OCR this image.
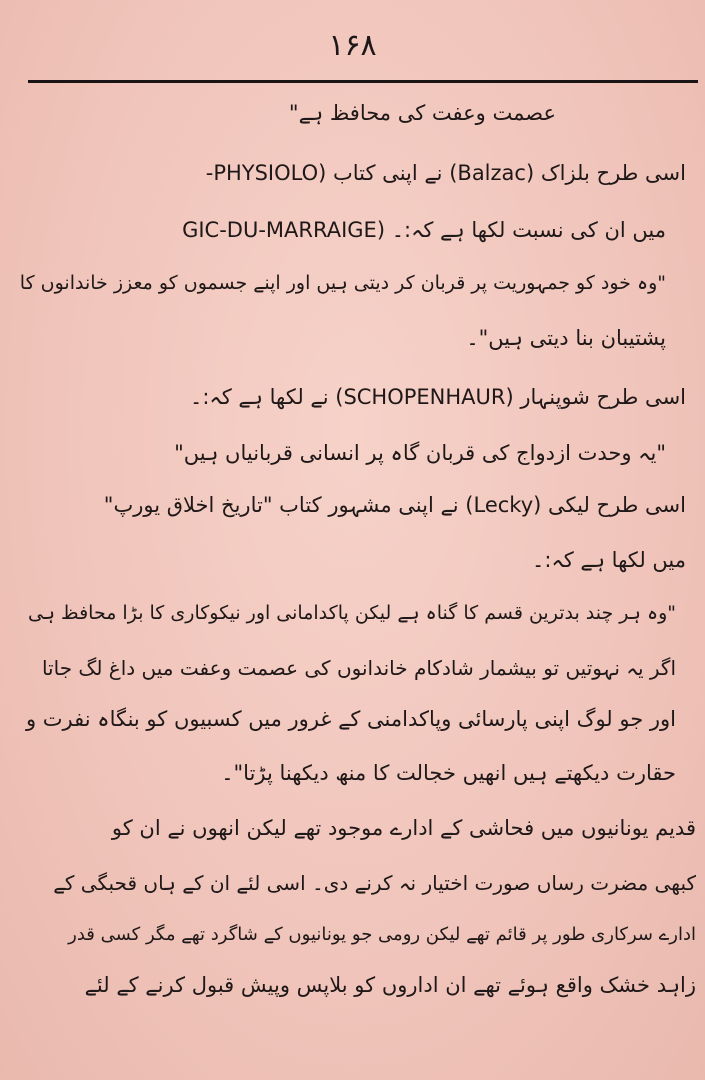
۱۶۸
عصمت وعفت کی محافظ ہے"
اسی طرح بلزاک (Balzac) نے اپنی کتاب (PHYSIOLO-
GIC-DU-MARRAIGE) میں ان کی نسبت لکھا ہے کہ:۔
"وہ خود کو جمہوریت پر قربان کر دیتی ہیں اور اپنے جسموں کو معزز خاندانوں کا
پشتیبان بنا دیتی ہیں"۔
اسی طرح شوپنہار (SCHOPENHAUR) نے لکھا ہے کہ:۔
"یہ وحدت ازدواج کی قربان گاہ پر انسانی قربانیاں ہیں"
اسی طرح لیکی (Lecky) نے اپنی مشہور کتاب "تاریخ اخلاق یورپ"
میں لکھا ہے کہ:۔
"وہ ہر چند بدترین قسم کا گناہ ہے لیکن پاکدامانی اور نیکوکاری کا بڑا محافظ ہی
اگر یہ نہوتیں تو بیشمار شادکام خاندانوں کی عصمت وعفت میں داغ لگ جاتا
اور جو لوگ اپنی پارسائی وپاکدامنی کے غرور میں کسبیوں کو بنگاہ نفرت و
حقارت دیکھتے ہیں انھیں خجالت کا منھ دیکھنا پڑتا"۔
قدیم یونانیوں میں فحاشی کے ادارے موجود تھے لیکن انھوں نے ان کو
کبھی مضرت رساں صورت اختیار نہ کرنے دی۔ اسی لئے ان کے ہاں قحبگی کے
ادارے سرکاری طور پر قائم تھے لیکن رومی جو یونانیوں کے شاگرد تھے مگر کسی قدر
زاہد خشک واقع ہوئے تھے ان اداروں کو بلاپس وپیش قبول کرنے کے لئے
